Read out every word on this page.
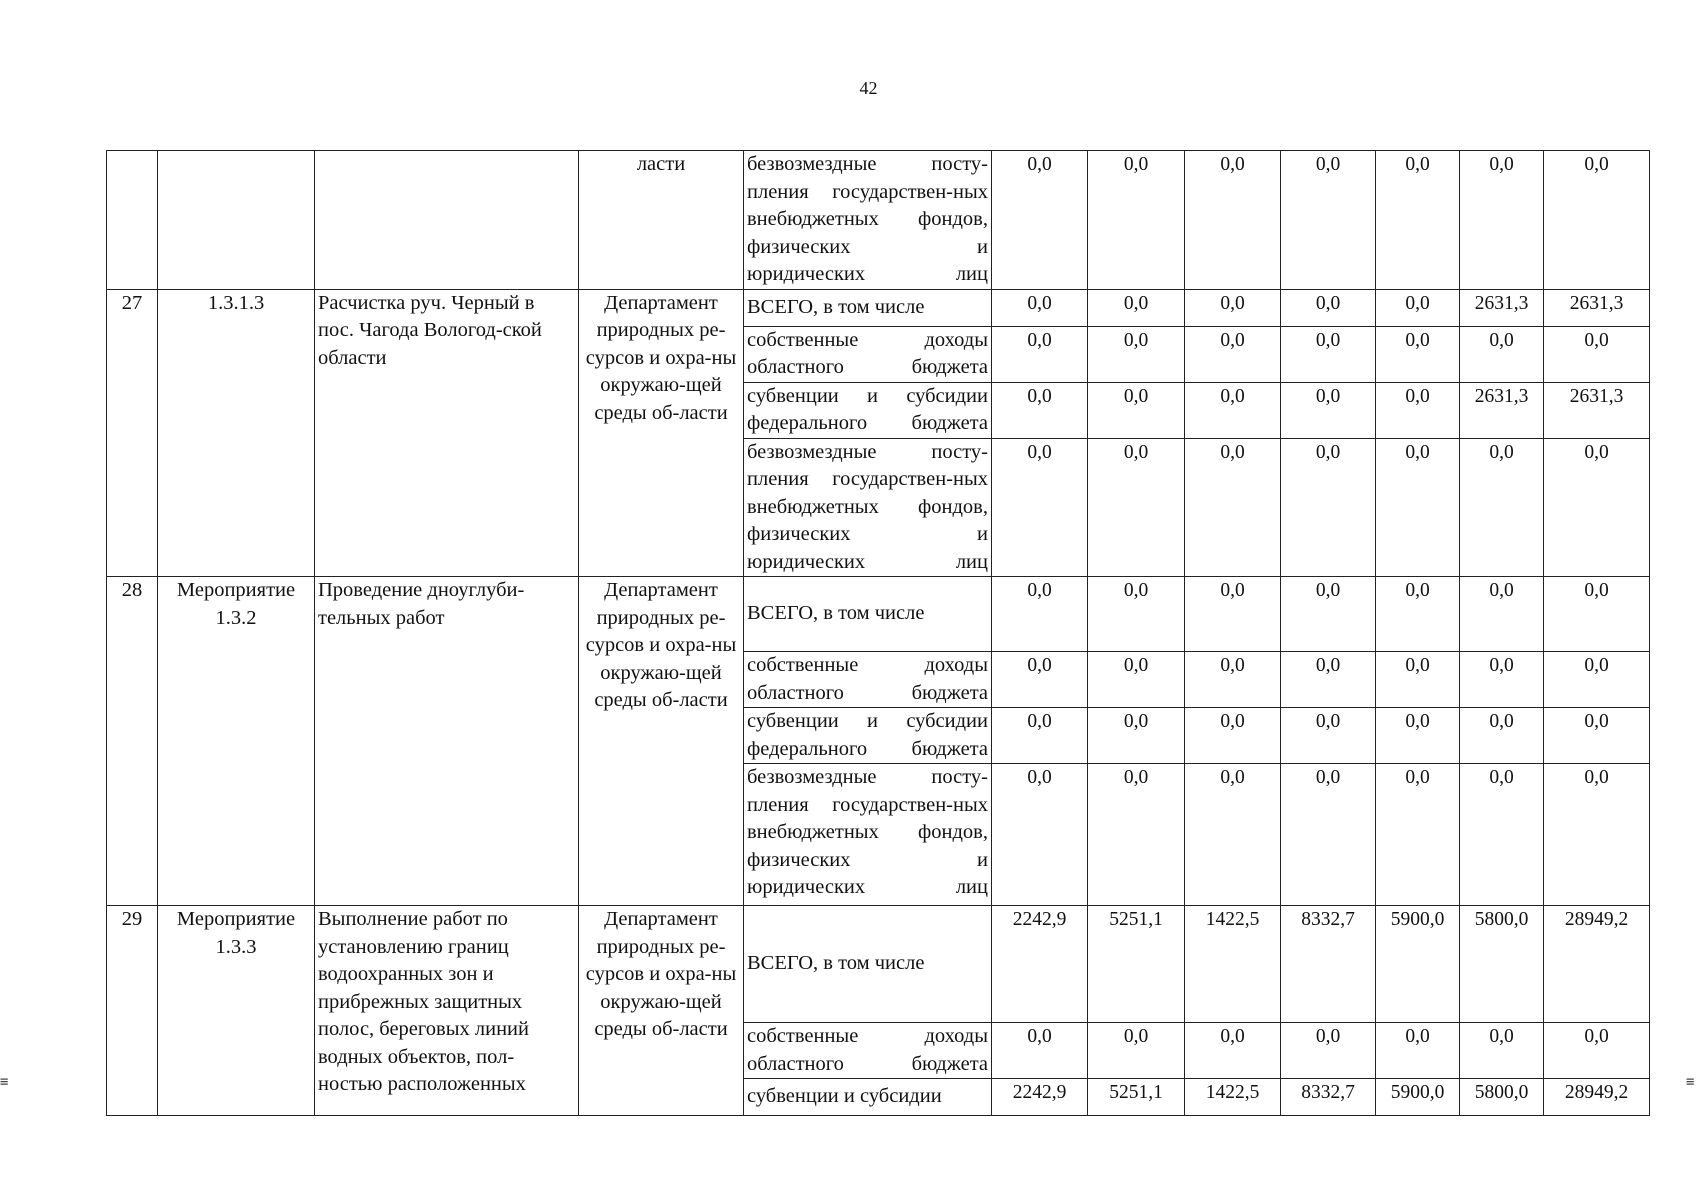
42
			ласти	безвозмездные посту-пления государствен-ных внебюджетных фондов, физических и юридических лиц	0,0	0,0	0,0	0,0	0,0	0,0	0,0
27	1.3.1.3	Расчистка руч. Черный в пос. Чагода Вологод-ской области	Департамент природных ре-сурсов и охра-ны окружаю-щей среды об-ласти	ВСЕГО, в том числе	0,0	0,0	0,0	0,0	0,0	2631,3	2631,3
				собственные доходы областного бюджета	0,0	0,0	0,0	0,0	0,0	0,0	0,0
				субвенции и субсидии федерального бюджета	0,0	0,0	0,0	0,0	0,0	2631,3	2631,3
				безвозмездные посту-пления государствен-ных внебюджетных фондов, физических и юридических лиц	0,0	0,0	0,0	0,0	0,0	0,0	0,0
28	Мероприятие 1.3.2	Проведение дноуглуби-тельных работ	Департамент природных ре-сурсов и охра-ны окружаю-щей среды об-ласти	ВСЕГО, в том числе	0,0	0,0	0,0	0,0	0,0	0,0	0,0
				собственные доходы областного бюджета	0,0	0,0	0,0	0,0	0,0	0,0	0,0
				субвенции и субсидии федерального бюджета	0,0	0,0	0,0	0,0	0,0	0,0	0,0
				безвозмездные посту-пления государствен-ных внебюджетных фондов, физических и юридических лиц	0,0	0,0	0,0	0,0	0,0	0,0	0,0
29	Мероприятие 1.3.3	Выполнение работ по установлению границ водоохранных зон и прибрежных защитных полос, береговых линий водных объектов, пол-ностью расположенных	Департамент природных ре-сурсов и охра-ны окружаю-щей среды об-ласти	ВСЕГО, в том числе	2242,9	5251,1	1422,5	8332,7	5900,0	5800,0	28949,2
				собственные доходы областного бюджета	0,0	0,0	0,0	0,0	0,0	0,0	0,0
				субвенции и субсидии	2242,9	5251,1	1422,5	8332,7	5900,0	5800,0	28949,2
≡	≡
